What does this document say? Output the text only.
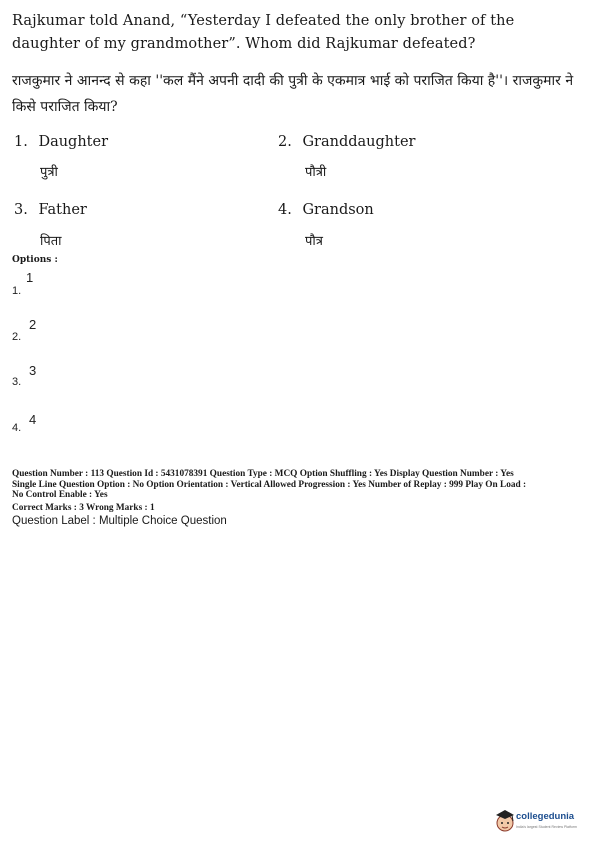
Rajkumar told Anand, “Yesterday I defeated the only brother of the daughter of my grandmother”. Whom did Rajkumar defeated?
राजकुमार ने आनन्द से कहा ''कल मैंने अपनी दादी की पुत्री के एकमात्र भाई को पराजित किया है''। राजकुमार ने किसे पराजित किया?
1. Daughter
पुत्री
2. Granddaughter
पौत्री
3. Father
पिता
4. Grandson
पौत्र
Options :
1.
1
2.
2
3.
3
4.
4
Question Number : 113 Question Id : 5431078391 Question Type : MCQ Option Shuffling : Yes Display Question Number : Yes
Single Line Question Option : No Option Orientation : Vertical Allowed Progression : Yes Number of Replay : 999 Play On Load :
No Control Enable : Yes
Correct Marks : 3 Wrong Marks : 1
Question Label : Multiple Choice Question
collegedunia
India's largest Student Review Platform
